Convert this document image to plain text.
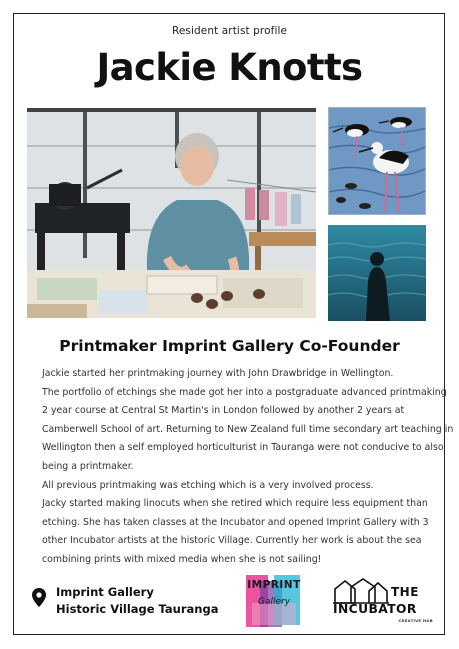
Resident artist profile
Jackie Knotts
Printmaker Imprint Gallery Co-Founder

Jackie started her printmaking journey with John Drawbridge in Wellington.

The portfolio of etchings she made got her into a postgraduate advanced printmaking

2 year course at Central St Martin's in London followed by another 2 years at

Camberwell School of art. Returning to New Zealand full time secondary art teaching in

Wellington then a self employed horticulturist in Tauranga were not conducive to also

being a printmaker.

All previous printmaking was etching which is a very involved process.

Jacky started making linocuts when she retired which require less equipment than

etching. She has taken classes at the Incubator and opened Imprint Gallery with 3

other Incubator artists at the historic Village. Currently her work is about the sea

combining prints with mixed media when she is not sailing!

Imprint Gallery
Historic Village Tauranga
IMPRINT
Gallery
THE
INCUBATOR
CREATIVE HUB
